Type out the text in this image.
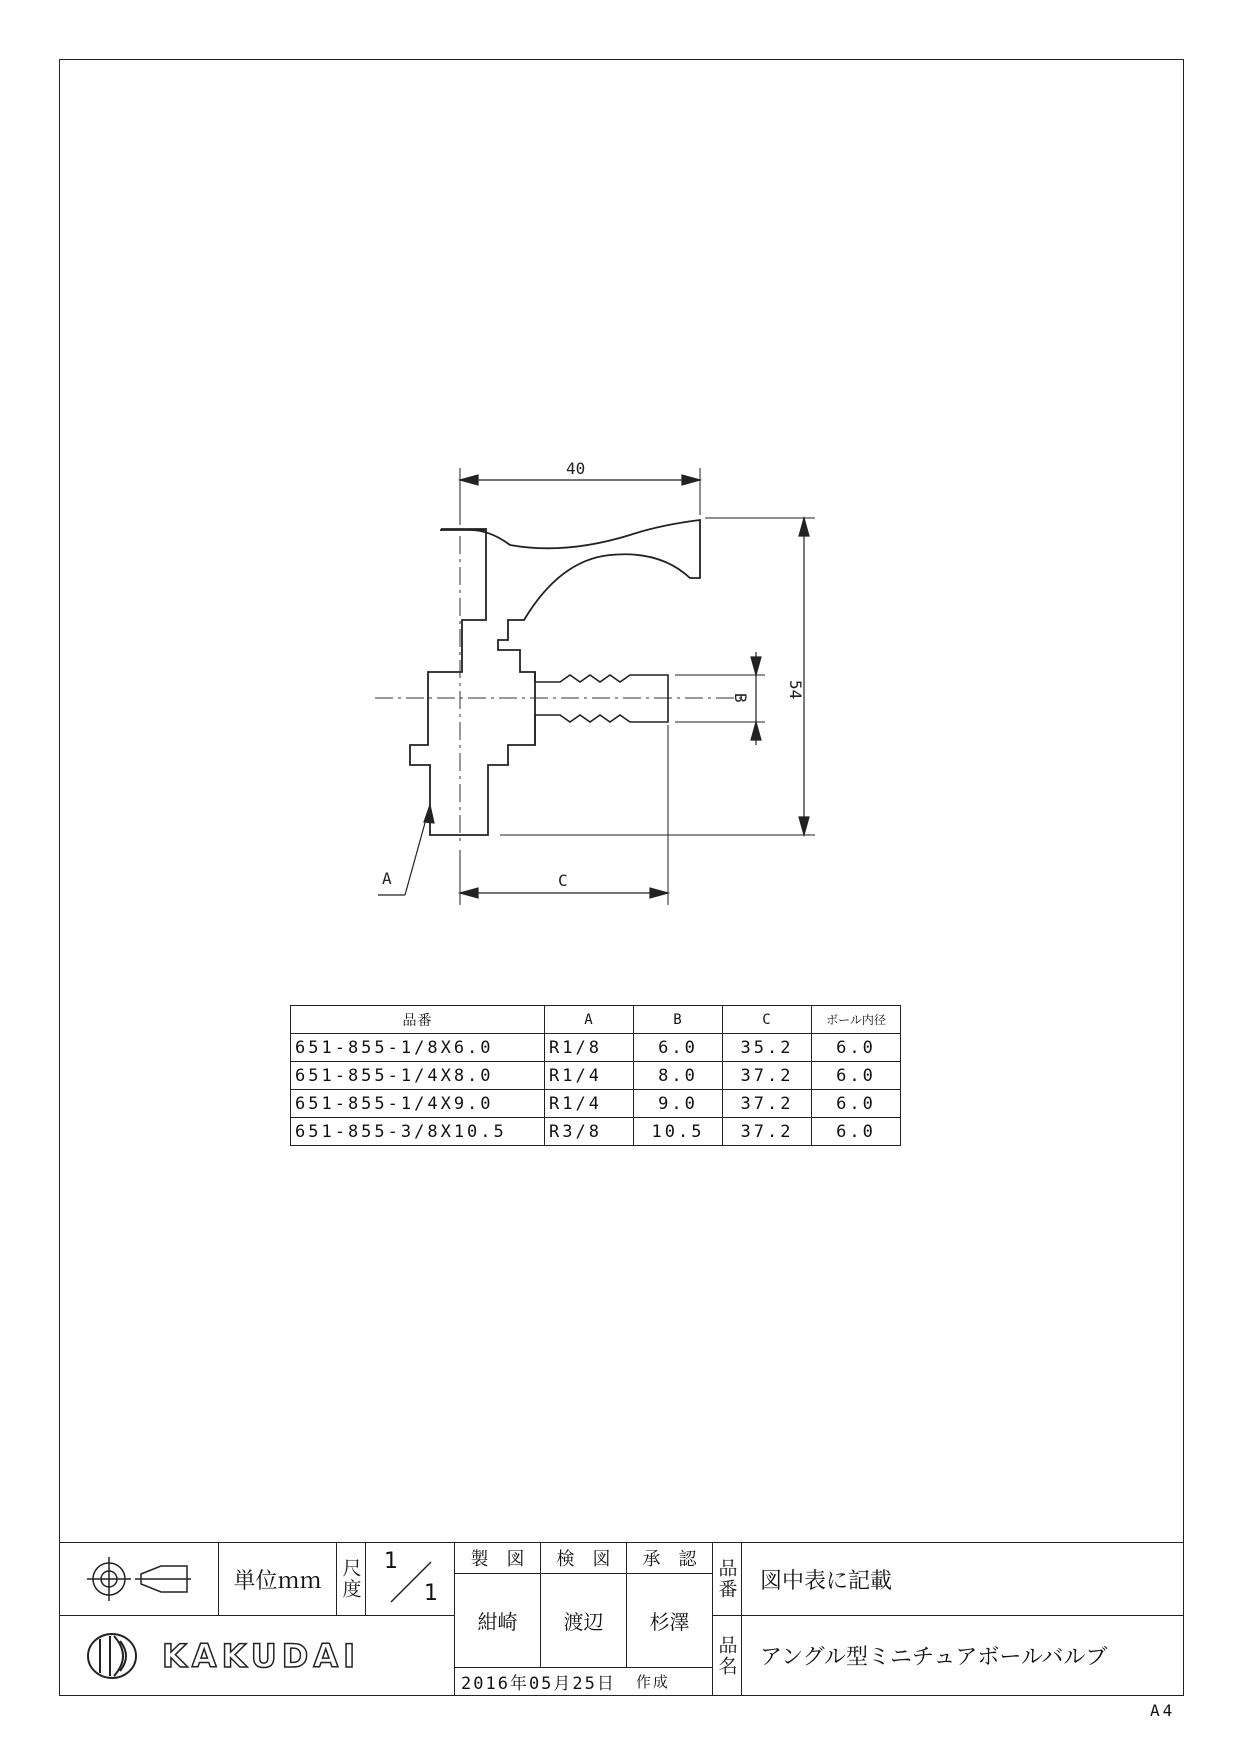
40
54
B
C
A
品番	A	B	C	ボール内径
651-855-1/8X6.0	R1/8	6.0	35.2	6.0
651-855-1/4X8.0	R1/4	8.0	37.2	6.0
651-855-1/4X9.0	R1/4	9.0	37.2	6.0
651-855-3/8X10.5	R3/8	10.5	37.2	6.0
単位ｍｍ 尺度 1
1
製　図	検　図	承　認
紺崎	渡辺	杉澤
品番	図中表に記載
KAKUDAI
2016年05月25日 作成
品名	アングル型ミニチュアボールバルブ
A4
